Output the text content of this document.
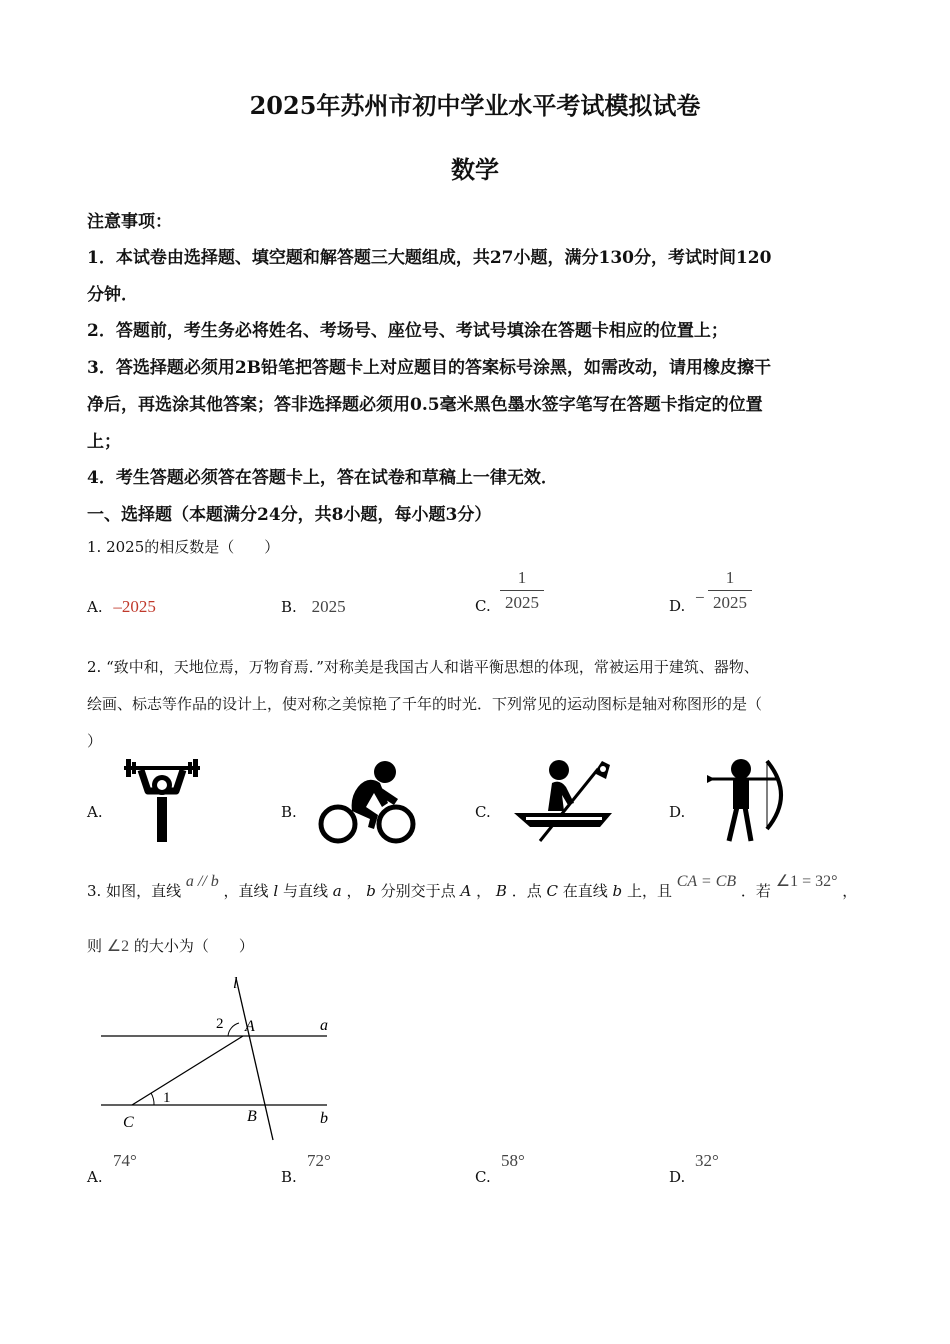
2025年苏州市初中学业水平考试模拟试卷
数学
注意事项：
1．本试卷由选择题、填空题和解答题三大题组成，共27小题，满分130分，考试时间120
分钟．
2．答题前，考生务必将姓名、考场号、座位号、考试号填涂在答题卡相应的位置上；
3．答选择题必须用2B铅笔把答题卡上对应题目的答案标号涂黑，如需改动，请用橡皮擦干
净后，再选涂其他答案；答非选择题必须用0.5毫米黑色墨水签字笔写在答题卡指定的位置
上；
4．考生答题必须答在答题卡上，答在试卷和草稿上一律无效．
一、选择题（本题满分24分，共8小题，每小题3分）
1. 2025的相反数是（　　）
A. –2025	B. 2025	C.
1
2025	D. −
1
2025
2. “致中和，天地位焉，万物育焉．”对称美是我国古人和谐平衡思想的体现，常被运用于建筑、器物、
绘画、标志等作品的设计上，使对称之美惊艳了千年的时光．下列常见的运动图标是轴对称图形的是（
）
A.	B.	C.	D.
3. 如图，直线 a // b ，直线 l 与直线 a ， b 分别交于点 A ， B ．点 C 在直线 b 上，且 CA = CB ．若 ∠1 = 32° ，
则 ∠2 的大小为（　　）
l
a
b
A
B
C
1
2
A.
74°
B.
72°
C.
58°
D.
32°
